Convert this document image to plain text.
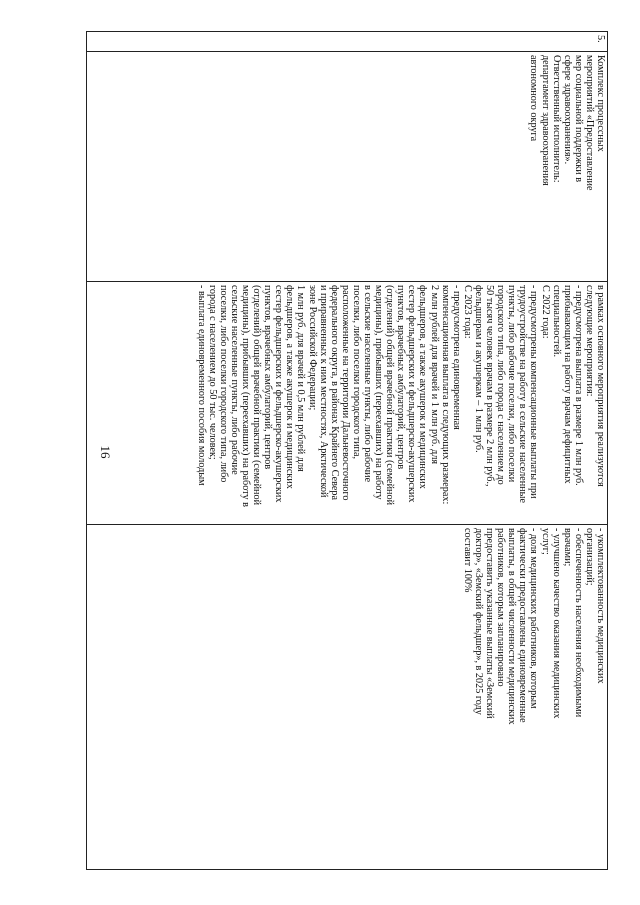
16
5.	
Комплекс процессных
мероприятий «Предоставление
мер социальной поддержки в
сфере здравоохранения».
Ответственный исполнитель:
департамент здравоохранения
автономного округа

в рамках основного мероприятия реализуются
следующие мероприятия:
- предусмотрена выплата в размере 1 млн руб.
прибывающим на работу врачам дефицитных
специальностей.
С 2022 года:
- предусмотрены компенсационные выплаты при
трудоустройстве на работу в сельские населенные
пункты, либо рабочие поселки, либо поселки
городского типа, либо города с населением до
50 тысяч человек врачам в размере 2 млн руб.,
фельдшерам и акушеркам – 1 млн руб.
С 2023 года:
- предусмотрена единовременная
компенсационная выплата в следующих размерах:
2 млн рублей для врачей и 1 млн руб. для
фельдшеров, а также акушерок и медицинских
сестер фельдшерских и фельдшерско-акушерских
пунктов, врачебных амбулаторий, центров
(отделений) общей врачебной практики (семейной
медицины), прибывших (переехавших) на работу
в сельские населенные пункты, либо рабочие
поселки, либо поселки городского типа,
расположенные на территории Дальневосточного
федерального округа, в районах Крайнего Севера
и приравненных к ним местностях, Арктической
зоне Российской Федерации;
1 млн руб. для врачей и 0,5 млн рублей для
фельдшеров, а также акушерок и медицинских
сестер фельдшерских и фельдшерско-акушерских
пунктов, врачебных амбулаторий, центров
(отделений) общей врачебной практики (семейной
медицины), прибывших (переехавших) на работу в
сельские населенные пункты, либо рабочие
поселки, либо поселки городского типа, либо
города с населением до 50 тыс. человек;
- выплата единовременного пособия молодым

- укомплектованность медицинских
организаций;
- обеспеченность населения необходимыми
врачами;
- улучшено качество оказания медицинских
услуг;
- доля медицинских работников, которым
фактически предоставлены единовременные
выплаты, в общей численности медицинских
работников, которым запланировано
предоставить указанные выплаты «Земский
доктор», «Земский фельдшер», в 2025 году
составит 100%
